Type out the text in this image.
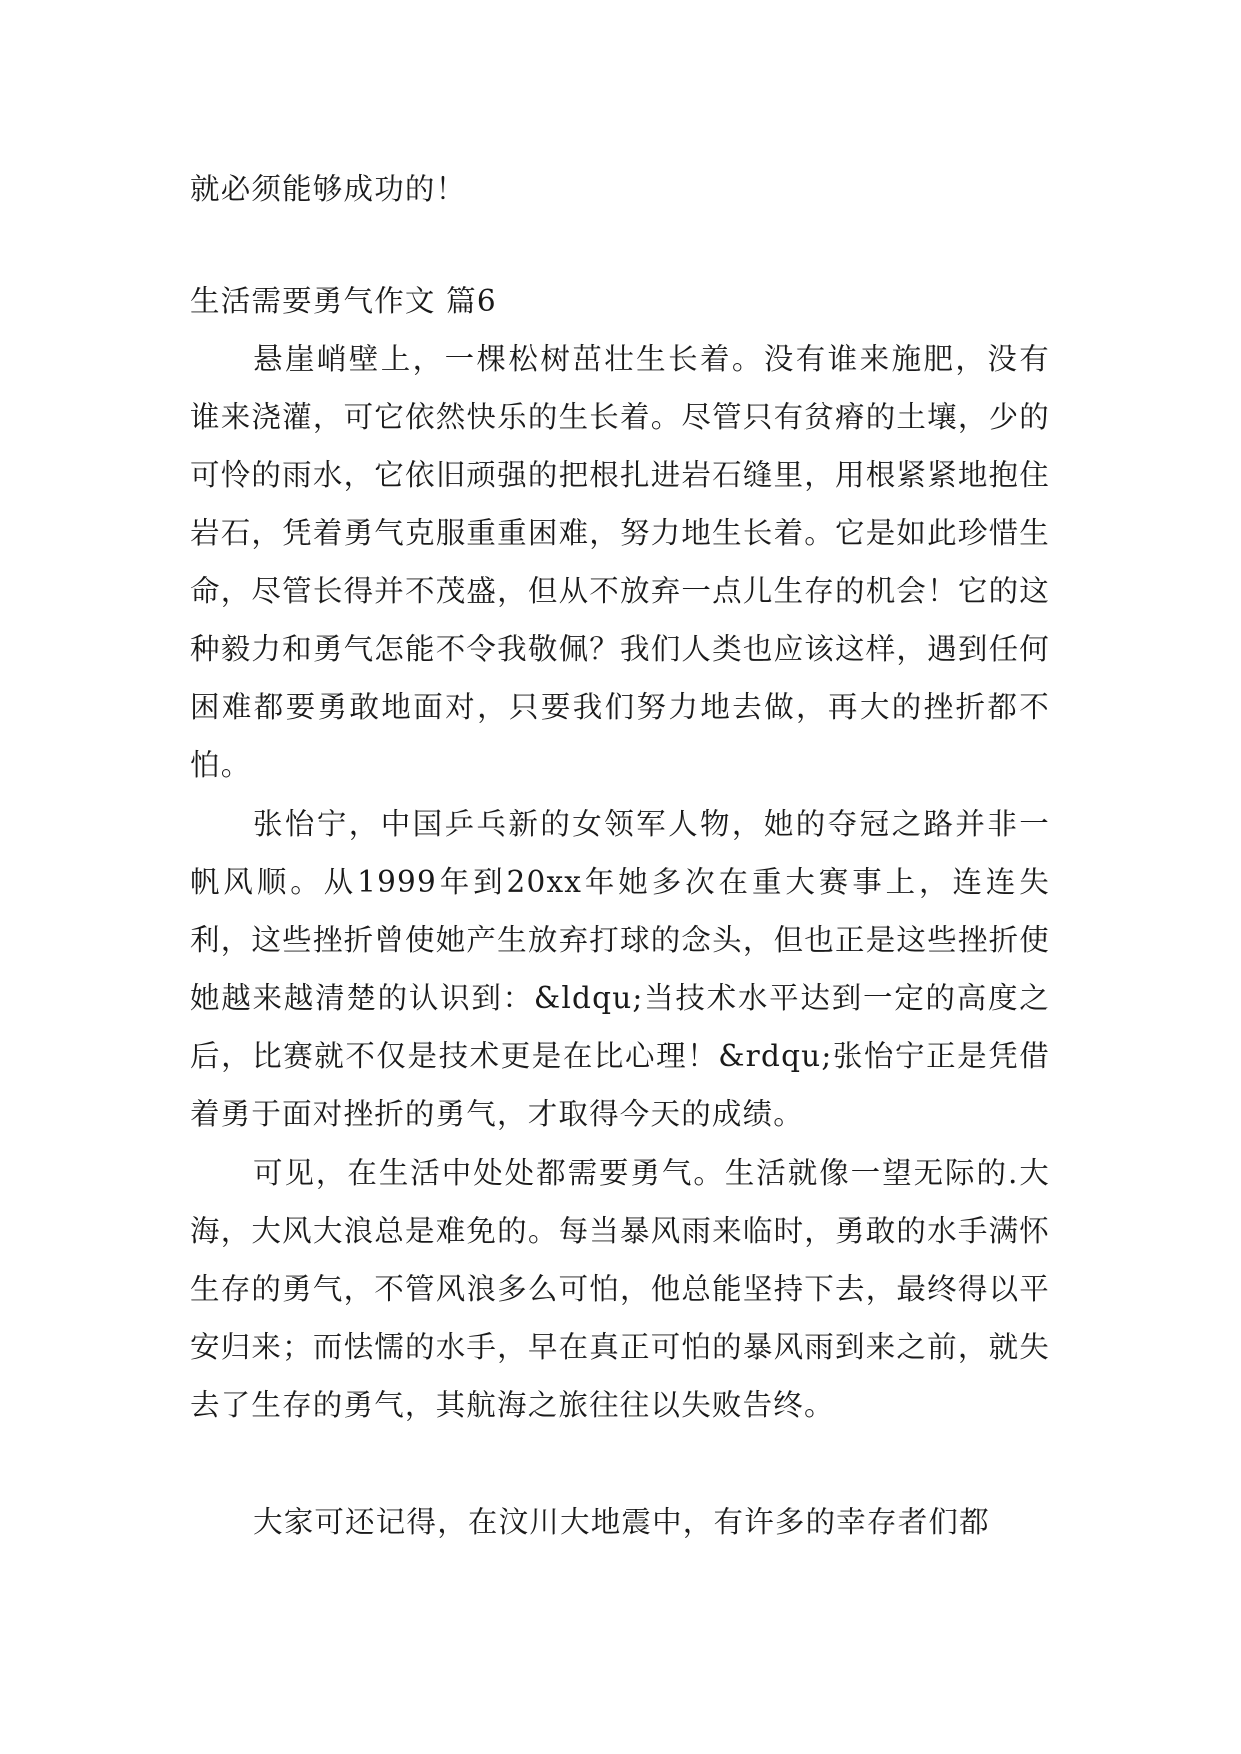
就必须能够成功的！

生活需要勇气作文 篇6

悬崖峭壁上，一棵松树茁壮生长着。没有谁来施肥，没有谁来浇灌，可它依然快乐的生长着。尽管只有贫瘠的土壤，少的可怜的雨水，它依旧顽强的把根扎进岩石缝里，用根紧紧地抱住岩石，凭着勇气克服重重困难，努力地生长着。它是如此珍惜生命，尽管长得并不茂盛，但从不放弃一点儿生存的机会！它的这种毅力和勇气怎能不令我敬佩？我们人类也应该这样，遇到任何困难都要勇敢地面对，只要我们努力地去做，再大的挫折都不怕。

张怡宁，中国乒乓新的女领军人物，她的夺冠之路并非一帆风顺。从1999年到20xx年她多次在重大赛事上，连连失利，这些挫折曾使她产生放弃打球的念头，但也正是这些挫折使她越来越清楚的认识到：&ldqu;当技术水平达到一定的高度之后，比赛就不仅是技术更是在比心理！&rdqu;张怡宁正是凭借着勇于面对挫折的勇气，才取得今天的成绩。

可见，在生活中处处都需要勇气。生活就像一望无际的.大海，大风大浪总是难免的。每当暴风雨来临时，勇敢的水手满怀生存的勇气，不管风浪多么可怕，他总能坚持下去，最终得以平安归来；而怯懦的水手，早在真正可怕的暴风雨到来之前，就失去了生存的勇气，其航海之旅往往以失败告终。

大家可还记得，在汶川大地震中，有许多的幸存者们都
